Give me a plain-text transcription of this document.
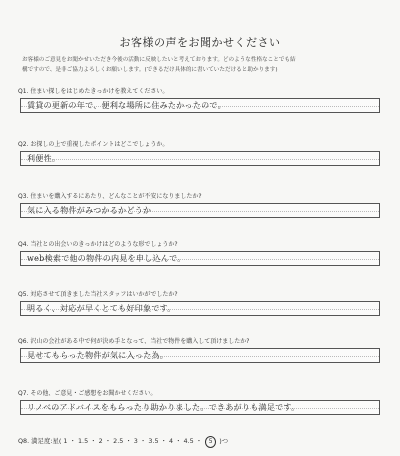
お客様の声をお聞かせください
お客様のご意見をお聞かせいただき今後の活動に反映したいと考えております。どのような性格なことでも結
構ですので、是非ご協力よろしくお願いします。(できるだけ具体的に書いていただけると助かります)
Q1. 住まい探しをはじめたきっかけを教えてください。
賃貸の更新の年で、便利な場所に住みたかったので。
Q2. お探しの上で重視したポイントはどこでしょうか。
利便性。
Q3. 住まいを購入するにあたり、どんなことが不安になりましたか?
気に入る物件がみつかるかどうか
Q4. 当社との出会いのきっかけはどのような形でしょうか?
web検索で他の物件の内見を申し込んで。
Q5. 対応させて頂きました当社スタッフはいかがでしたか?
明るく、対応が早くとても好印象です。
Q6. 沢山の会社がある中で何が決め手となって、当社で物件を購入して頂けましたか?
見せてもらった物件が気に入った為。
Q7. その他、ご意見・ご感想をお聞かせください。
リノベのアドバイスをもらったり助かりました。できあがりも満足です。
Q8. 満足度:星( 1 ・ 1.5 ・ 2 ・ 2.5 ・ 3 ・ 3.5 ・ 4 ・ 4.5 ・ 5 )つ
